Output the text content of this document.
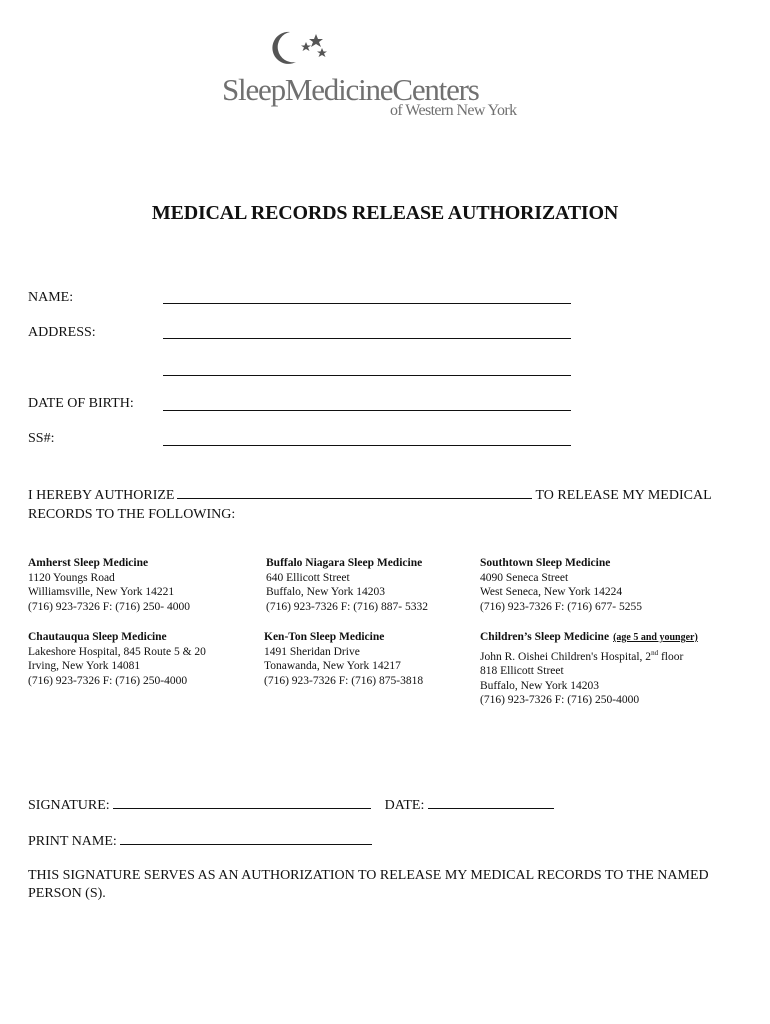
SleepMedicineCenters
of Western New York
MEDICAL RECORDS RELEASE AUTHORIZATION
NAME:
ADDRESS:
DATE OF BIRTH:
SS#:
I HEREBY AUTHORIZE	TO RELEASE MY MEDICAL
RECORDS TO THE FOLLOWING:
Amherst Sleep Medicine
1120 Youngs Road
Williamsville, New York 14221
(716) 923-7326 F: (716) 250- 4000
Buffalo Niagara Sleep Medicine
640 Ellicott Street
Buffalo, New York 14203
(716) 923-7326 F: (716) 887- 5332
Southtown Sleep Medicine
4090 Seneca Street
West Seneca, New York 14224
(716) 923-7326 F: (716) 677- 5255
Chautauqua Sleep Medicine
Lakeshore Hospital, 845 Route 5 & 20
Irving, New York 14081
(716) 923-7326 F: (716) 250-4000
Ken-Ton Sleep Medicine
1491 Sheridan Drive
Tonawanda, New York 14217
(716) 923-7326 F: (716) 875-3818
Children’s Sleep Medicine (age 5 and younger)
John R. Oishei Children's Hospital, 2nd floor
818 Ellicott Street
Buffalo, New York 14203
(716) 923-7326 F: (716) 250-4000
SIGNATURE:	DATE:
PRINT NAME:
THIS SIGNATURE SERVES AS AN AUTHORIZATION TO RELEASE MY MEDICAL RECORDS TO THE NAMED PERSON (S).
